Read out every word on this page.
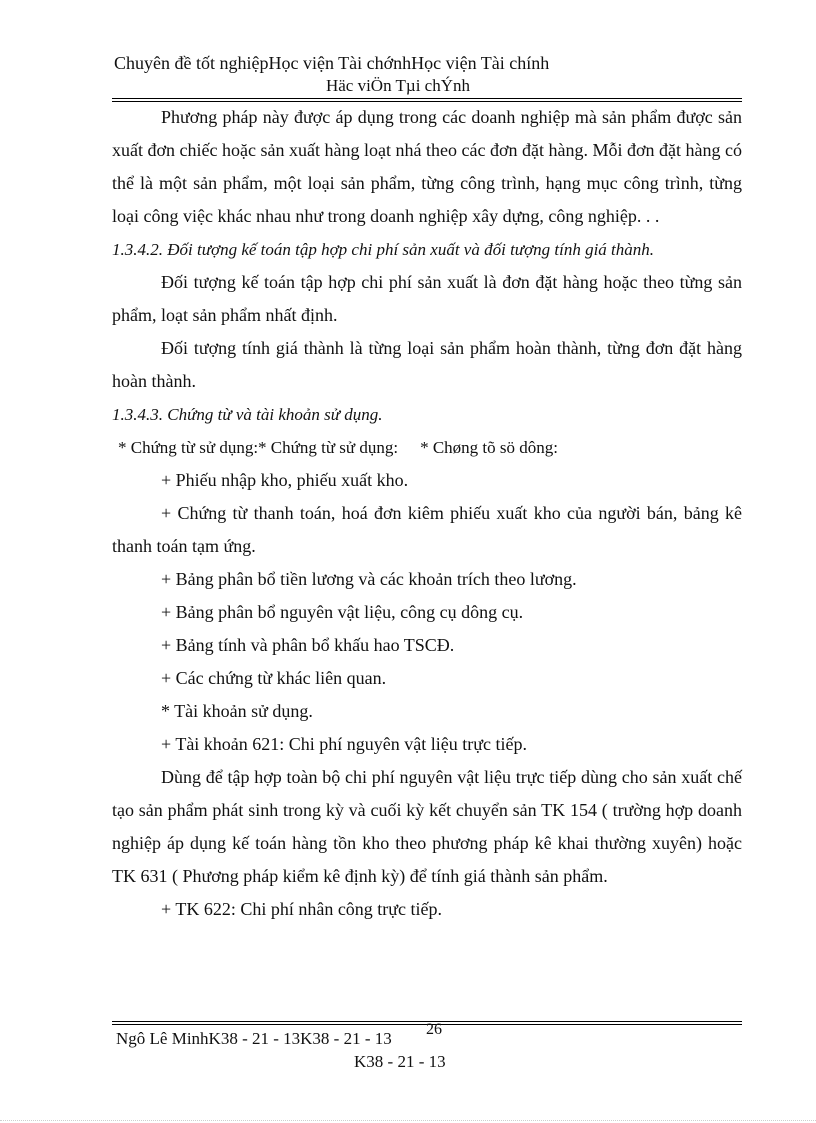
Chuyên đề tốt nghiệpHọc viện Tài chớnhHọc viện Tài chính
Häc viÖn Tµi chÝnh

Phương pháp này được áp dụng trong các doanh nghiệp mà sản phẩm được sản xuất đơn chiếc hoặc sản xuất hàng loạt nhá theo các đơn đặt hàng. Mỗi đơn đặt hàng có thể là một sản phẩm, một loại sản phẩm, từng công trình, hạng mục công trình, từng loại công việc khác nhau như trong doanh nghiệp xây dựng, công nghiệp. . .

1.3.4.2. Đối tượng kế toán tập hợp chi phí sản xuất và đối tượng tính giá thành.

Đối tượng kế toán tập hợp chi phí sản xuất là đơn đặt hàng hoặc theo từng sản phẩm, loạt sản phẩm nhất định.

Đối tượng tính giá thành là từng loại sản phẩm hoàn thành, từng đơn đặt hàng hoàn thành.

1.3.4.3. Chứng từ và tài khoản sử dụng.

* Chứng từ sử dụng:* Chứng từ sử dụng: * Chøng tõ sö dông:

+ Phiếu nhập kho, phiếu xuất kho.

+ Chứng từ thanh toán, hoá đơn kiêm phiếu xuất kho của người bán, bảng kê thanh toán tạm ứng.

+ Bảng phân bổ tiền lương và các khoản trích theo lương.

+ Bảng phân bổ nguyên vật liệu, công cụ dông cụ.

+ Bảng tính và phân bổ khấu hao TSCĐ.

+ Các chứng từ khác liên quan.

* Tài khoản sử dụng.

+ Tài khoản 621: Chi phí nguyên vật liệu trực tiếp.

Dùng để tập hợp toàn bộ chi phí nguyên vật liệu trực tiếp dùng cho sản xuất chế tạo sản phẩm phát sinh trong kỳ và cuối kỳ kết chuyển sản TK 154 ( trường hợp doanh nghiệp áp dụng kế toán hàng tồn kho theo phương pháp kê khai thường xuyên) hoặc TK 631 ( Phương pháp kiểm kê định kỳ) để tính giá thành sản phẩm.

+ TK 622: Chi phí nhân công trực tiếp.

Ngô Lê MinhK38 - 21 - 13K38 - 21 - 13 26
K38 - 21 - 13
